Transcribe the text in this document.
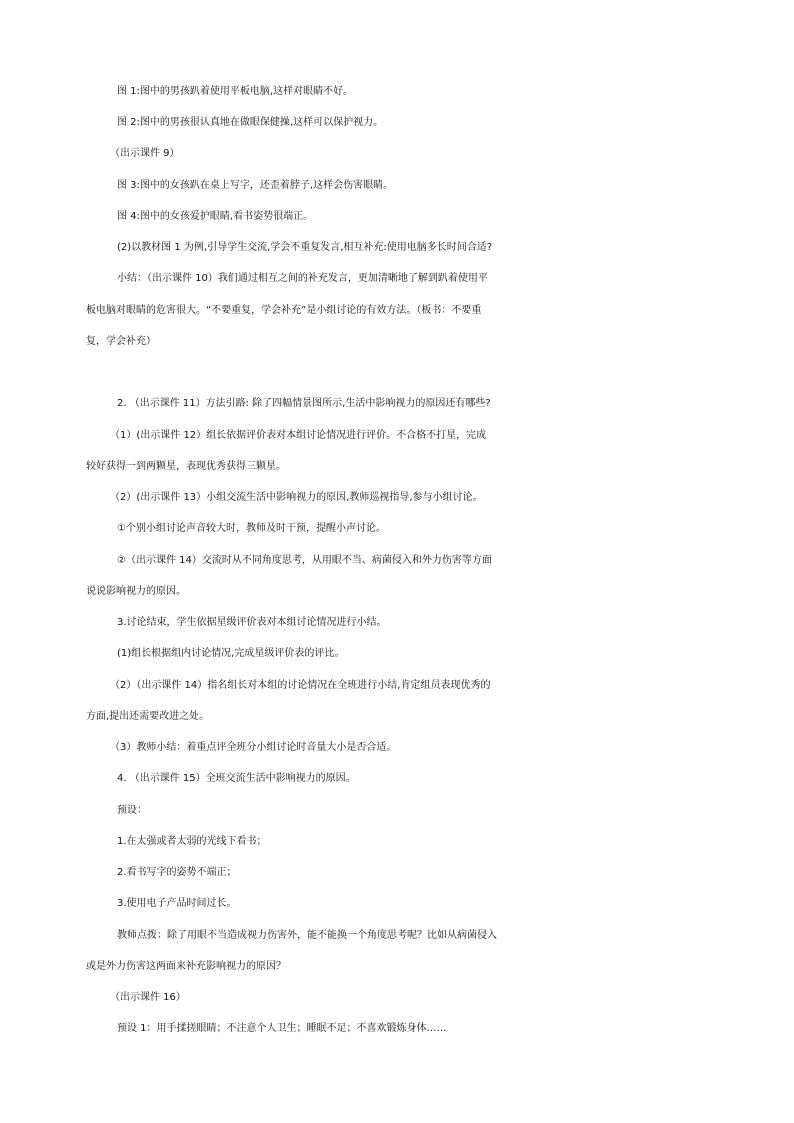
图 1:图中的男孩趴着使用平板电脑,这样对眼睛不好。
图 2:图中的男孩很认真地在做眼保健操,这样可以保护视力。
（出示课件 9）
图 3:图中的女孩趴在桌上写字，还歪着脖子,这样会伤害眼睛。
图 4:图中的女孩爱护眼睛,看书姿势很端正。
(2)以教材图 1 为例,引导学生交流,学会不重复发言,相互补充:使用电脑多长时间合适?
小结：（出示课件 10）我们通过相互之间的补充发言，更加清晰地了解到趴着使用平
板电脑对眼睛的危害很大。“不要重复，学会补充”是小组讨论的有效方法。（板书：不要重
复，学会补充）
2. （出示课件 11）方法引路: 除了四幅情景图所示,生活中影响视力的原因还有哪些?
（1）(出示课件 12）组长依据评价表对本组讨论情况进行评价。不合格不打星，完成
较好获得一到两颗星，表现优秀获得三颗星。
（2）(出示课件 13）小组交流生活中影响视力的原因,教师巡视指导,参与小组讨论。
①个别小组讨论声音较大时，教师及时干预，提醒小声讨论。
②（出示课件 14）交流时从不同角度思考，从用眼不当、病菌侵入和外力伤害等方面
说说影响视力的原因。
3.讨论结束，学生依据星级评价表对本组讨论情况进行小结。
(1)组长根据组内讨论情况,完成星级评价表的评比。
（2）（出示课件 14）指名组长对本组的讨论情况在全班进行小结,肯定组员表现优秀的
方面,提出还需要改进之处。
（3）教师小结：着重点评全班分小组讨论时音量大小是否合适。
4. （出示课件 15）全班交流生活中影响视力的原因。
预设：
1.在太强或者太弱的光线下看书；
2.看书写字的姿势不端正；
3.使用电子产品时间过长。
教师点拨：除了用眼不当造成视力伤害外，能不能换一个角度思考呢？比如从病菌侵入
或是外力伤害这两面来补充影响视力的原因？
（出示课件 16）
预设 1：用手揉搓眼睛；不注意个人卫生；睡眠不足；不喜欢锻炼身体……
